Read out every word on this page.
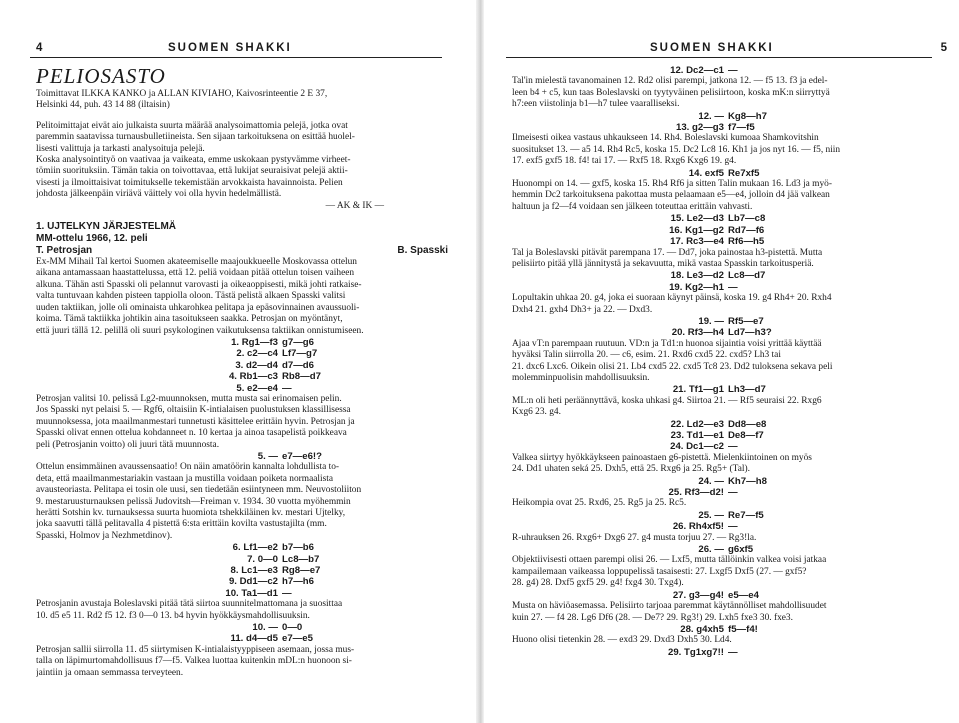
4	SUOMEN SHAKKI
PELIOSASTO
Toimittavat ILKKA KANKO ja ALLAN KIVIAHO, Kaivosrinteentie 2 E 37,
Helsinki 44, puh. 43 14 88 (iltaisin)
Pelitoimittajat eivät aio julkaista suurta määrää analysoimattomia pelejä, jotka ovat
paremmin saatavissa turnausbulletiineista. Sen sijaan tarkoituksena on esittää huolel-
lisesti valittuja ja tarkasti analysoituja pelejä.
Koska analysointityö on vaativaa ja vaikeata, emme uskokaan pystyvämme virheet-
tömiin suorituksiin. Tämän takia on toivottavaa, että lukijat seuraisivat pelejä aktii-
visesti ja ilmoittaisivat toimitukselle tekemistään arvokkaista havainnoista. Pelien
johdosta jälkeenpäin viriävä väittely voi olla hyvin hedelmällistä.
— AK & IK —
1. UJTELKYN JÄRJESTELMÄ
MM-ottelu 1966, 12. peli
T. Petrosjan	B. Spasski
Ex-MM Mihail Tal kertoi Suomen akateemiselle maajoukkueelle Moskovassa ottelun
aikana antamassaan haastattelussa, että 12. peliä voidaan pitää ottelun toisen vaiheen
alkuna. Tähän asti Spasski oli pelannut varovasti ja oikeaoppisesti, mikä johti ratkaise-
valta tuntuvaan kahden pisteen tappiolla oloon. Tästä pelistä alkaen Spasski valitsi
uuden taktiikan, jolle oli ominaista uhkarohkea pelitapa ja epäsovinnainen avaussuoli-
koima. Tämä taktiikka johtikin aina tasoitukseen saakka. Petrosjan on myöntänyt,
että juuri tällä 12. pelillä oli suuri psykologinen vaikutuksensa taktiikan onnistumiseen.
1. Rg1—f3 g7—g6
2. c2—c4 Lf7—g7
3. d2—d4 d7—d6
4. Rb1—c3 Rb8—d7
5. e2—e4 —
Petrosjan valitsi 10. pelissä Lg2-muunnoksen, mutta musta sai erinomaisen pelin.
Jos Spasski nyt pelaisi 5. — Rgf6, oltaisiin K-intialaisen puolustuksen klassillisessa
muunnoksessa, jota maailmanmestari tunnetusti käsittelee erittäin hyvin. Petrosjan ja
Spasski olivat ennen ottelua kohdanneet n. 10 kertaa ja ainoa tasapelistä poikkeava
peli (Petrosjanin voitto) oli juuri tätä muunnosta.
5. — e7—e6!?
Ottelun ensimmäinen avaussensaatio! On näin amatöörin kannalta lohdullista to-
deta, että maailmanmestariakin vastaan ja mustilla voidaan poiketa normaalista
avausteoriasta. Pelitapa ei tosin ole uusi, sen tiedetään esiintyneen mm. Neuvostoliiton
9. mestaruusturnauksen pelissä Judovitsh—Freiman v. 1934. 30 vuotta myöhemmin
herätti Sotshin kv. turnauksessa suurta huomiota tshekkiläinen kv. mestari Ujtelky,
joka saavutti tällä pelitavalla 4 pistettä 6:sta erittäin kovilta vastustajilta (mm.
Spasski, Holmov ja Nezhmetdinov).
6. Lf1—e2 b7—b6
7. 0—0 Lc8—b7
8. Lc1—e3 Rg8—e7
9. Dd1—c2 h7—h6
10. Ta1—d1 —
Petrosjanin avustaja Boleslavski pitää tätä siirtoa suunnitelmattomana ja suosittaa
10. d5 e5 11. Rd2 f5 12. f3 0—0 13. b4 hyvin hyökkäysmahdollisuuksin.
10. — 0—0
11. d4—d5 e7—e5
Petrosjan sallii siirrolla 11. d5 siirtymisen K-intialaistyyppiseen asemaan, jossa mus-
talla on läpimurtomahdollisuus f7—f5. Valkea luottaa kuitenkin mDL:n huonoon si-
jaintiin ja omaan semmassa terveyteen.
SUOMEN SHAKKI	5
12. Dc2—c1 —
Tal'in mielestä tavanomainen 12. Rd2 olisi parempi, jatkona 12. — f5 13. f3 ja edel-
leen b4 + c5, kun taas Boleslavski on tyytyväinen pelisiirtoon, koska mK:n siirryttyä
h7:een viistolinja b1—h7 tulee vaaralliseksi.
12. — Kg8—h7
13. g2—g3 f7—f5
Ilmeisesti oikea vastaus uhkaukseen 14. Rh4. Boleslavski kumoaa Shamkovitshin
suositukset 13. — a5 14. Rh4 Rc5, koska 15. Dc2 Lc8 16. Kh1 ja jos nyt 16. — f5, niin
17. exf5 gxf5 18. f4! tai 17. — Rxf5 18. Rxg6 Kxg6 19. g4.
14. exf5 Re7xf5
Huonompi on 14. — gxf5, koska 15. Rh4 Rf6 ja sitten Talin mukaan 16. Ld3 ja myö-
hemmin Dc2 tarkoituksena pakottaa musta pelaamaan e5—e4, jolloin d4 jää valkean
haltuun ja f2—f4 voidaan sen jälkeen toteuttaa erittäin vahvasti.
15. Le2—d3 Lb7—c8
16. Kg1—g2 Rd7—f6
17. Rc3—e4 Rf6—h5
Tal ja Boleslavski pitävät parempana 17. — Dd7, joka painostaa h3-pistettä. Mutta
pelisiirto pitää yllä jännitystä ja sekavuutta, mikä vastaa Spasskin tarkoitusperiä.
18. Le3—d2 Lc8—d7
19. Kg2—h1 —
Lopultakin uhkaa 20. g4, joka ei suoraan käynyt päinsä, koska 19. g4 Rh4+ 20. Rxh4
Dxh4 21. gxh4 Dh3+ ja 22. — Dxd3.
19. — Rf5—e7
20. Rf3—h4 Ld7—h3?
Ajaa vT:n parempaan ruutuun. VD:n ja Td1:n huonoa sijaintia voisi yrittää käyttää
hyväksi Talin siirrolla 20. — c6, esim. 21. Rxd6 cxd5 22. cxd5? Lh3 tai
21. dxc6 Lxc6. Oikein olisi 21. Lb4 cxd5 22. cxd5 Tc8 23. Dd2 tuloksena sekava peli
molemminpuolisin mahdollisuuksin.
21. Tf1—g1 Lh3—d7
ML:n oli heti peräännyttävä, koska uhkasi g4. Siirtoa 21. — Rf5 seuraisi 22. Rxg6
Kxg6 23. g4.
22. Ld2—e3 Dd8—e8
23. Td1—e1 De8—f7
24. Dc1—c2 —
Valkea siirtyy hyökkäykseen painoastaen g6-pistettä. Mielenkiintoinen on myös
24. Dd1 uhaten seká 25. Dxh5, että 25. Rxg6 ja 25. Rg5+ (Tal).
24. — Kh7—h8
25. Rf3—d2! —
Heikompia ovat 25. Rxd6, 25. Rg5 ja 25. Rc5.
25. — Re7—f5
26. Rh4xf5! —
R-uhrauksen 26. Rxg6+ Dxg6 27. g4 musta torjuu 27. — Rg3!la.
26. — g6xf5
Objektiivisesti ottaen parempi olisi 26. — Lxf5, mutta tällöinkin valkea voisi jatkaa
kampailemaan vaikeassa loppupelissä tasaisesti: 27. Lxgf5 Dxf5 (27. — gxf5?
28. g4) 28. Dxf5 gxf5 29. g4! fxg4 30. Txg4).
27. g3—g4! e5—e4
Musta on häviöasemassa. Pelisiirto tarjoaa paremmat käytännölliset mahdollisuudet
kuin 27. — f4 28. Lg6 Df6 (28. — De7? 29. Rg3!) 29. Lxh5 fxe3 30. fxe3.
28. g4xh5 f5—f4!
Huono olisi tietenkin 28. — exd3 29. Dxd3 Dxh5 30. Ld4.
29. Tg1xg7!! —
